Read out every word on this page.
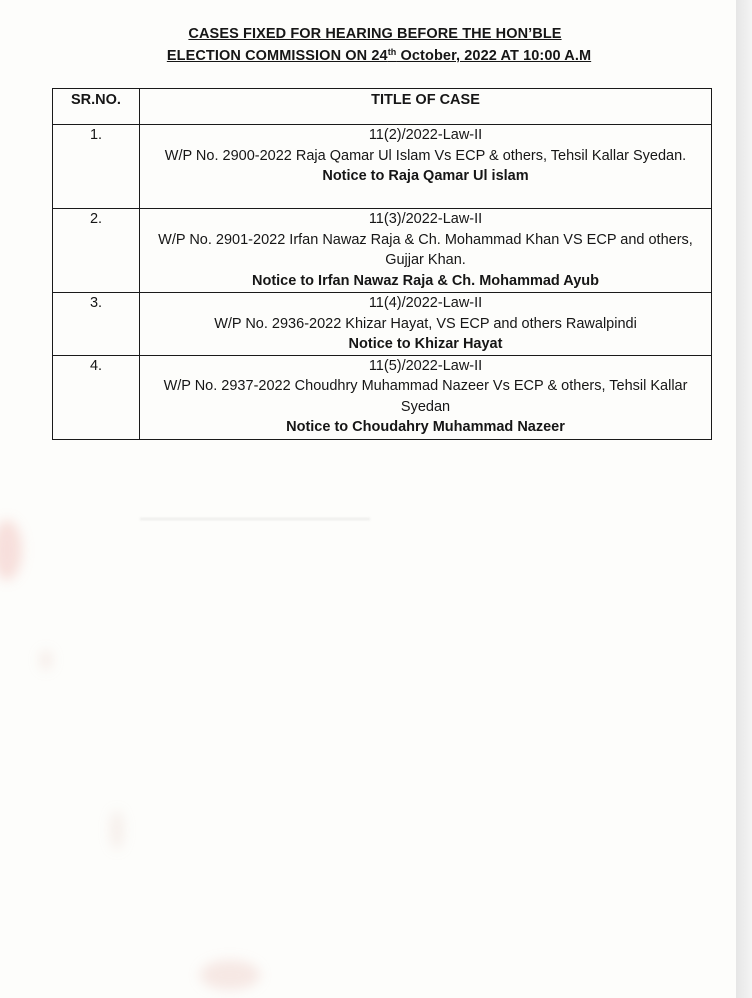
CASES FIXED FOR HEARING BEFORE THE HON’BLE
ELECTION COMMISSION ON 24th October, 2022 AT 10:00 A.M
SR.NO.	TITLE OF CASE
1.	11(2)/2022-Law-II
W/P No. 2900-2022 Raja Qamar Ul Islam Vs ECP & others, Tehsil Kallar Syedan.
Notice to Raja Qamar Ul islam

2.	11(3)/2022-Law-II
W/P No. 2901-2022 Irfan Nawaz Raja & Ch. Mohammad Khan VS ECP and others, Gujjar Khan.
Notice to Irfan Nawaz Raja & Ch. Mohammad Ayub

3.	11(4)/2022-Law-II
W/P No. 2936-2022 Khizar Hayat, VS ECP and others Rawalpindi
Notice to Khizar Hayat

4.	11(5)/2022-Law-II
W/P No. 2937-2022 Choudhry Muhammad Nazeer Vs ECP & others, Tehsil Kallar Syedan
Notice to Choudahry Muhammad Nazeer
